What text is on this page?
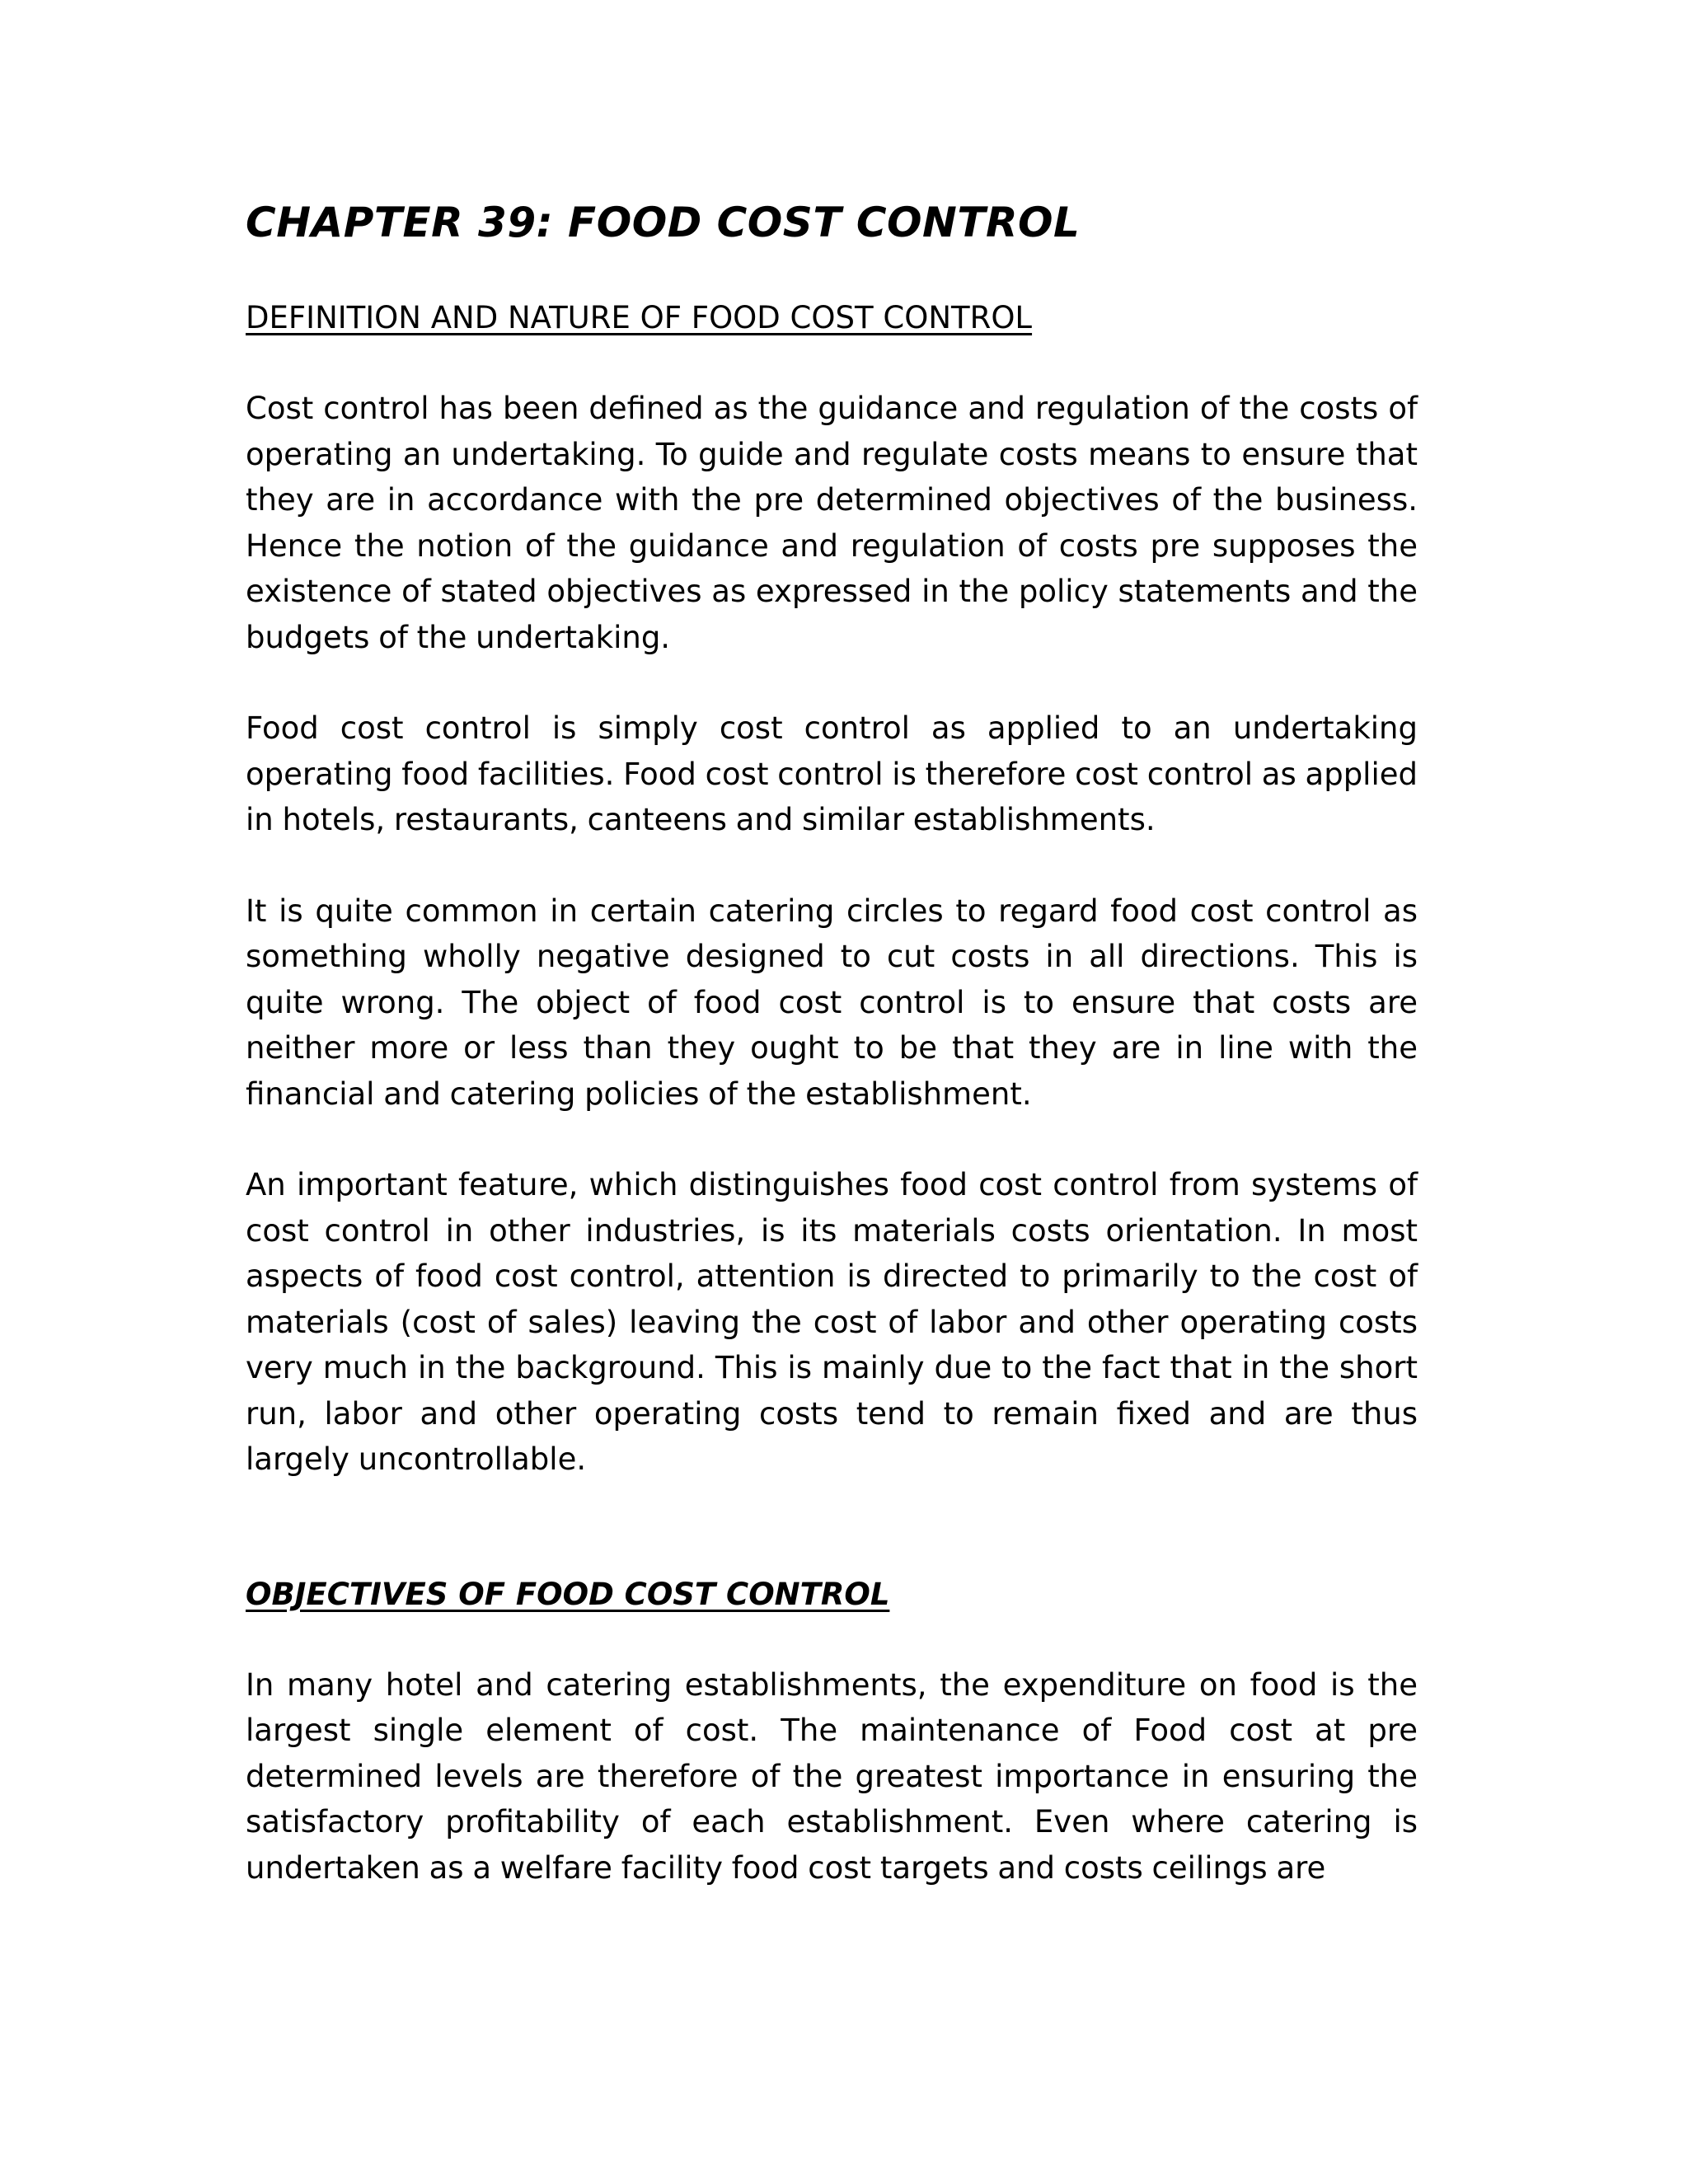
CHAPTER 39: FOOD COST CONTROL
DEFINITION AND NATURE OF FOOD COST CONTROL

Cost control has been defined as the guidance and regulation of the costs of operating an undertaking. To guide and regulate costs means to ensure that they are in accordance with the pre determined objectives of the business. Hence the notion of the guidance and regulation of costs pre supposes the existence of stated objectives as expressed in the policy statements and the budgets of the undertaking.

Food cost control is simply cost control as applied to an undertaking operating food facilities. Food cost control is therefore cost control as applied in hotels, restaurants, canteens and similar establishments.

It is quite common in certain catering circles to regard food cost control as something wholly negative designed to cut costs in all directions. This is quite wrong. The object of food cost control is to ensure that costs are neither more or less than they ought to be that they are in line with the financial and catering policies of the establishment.

An important feature, which distinguishes food cost control from systems of cost control in other industries, is its materials costs orientation. In most aspects of food cost control, attention is directed to primarily to the cost of materials (cost of sales) leaving the cost of labor and other operating costs very much in the background. This is mainly due to the fact that in the short run, labor and other operating costs tend to remain fixed and are thus largely uncontrollable.

OBJECTIVES OF FOOD COST CONTROL

In many hotel and catering establishments, the expenditure on food is the largest single element of cost. The maintenance of Food cost at pre determined levels are therefore of the greatest importance in ensuring the satisfactory profitability of each establishment. Even where catering is undertaken as a welfare facility food cost targets and costs ceilings are
